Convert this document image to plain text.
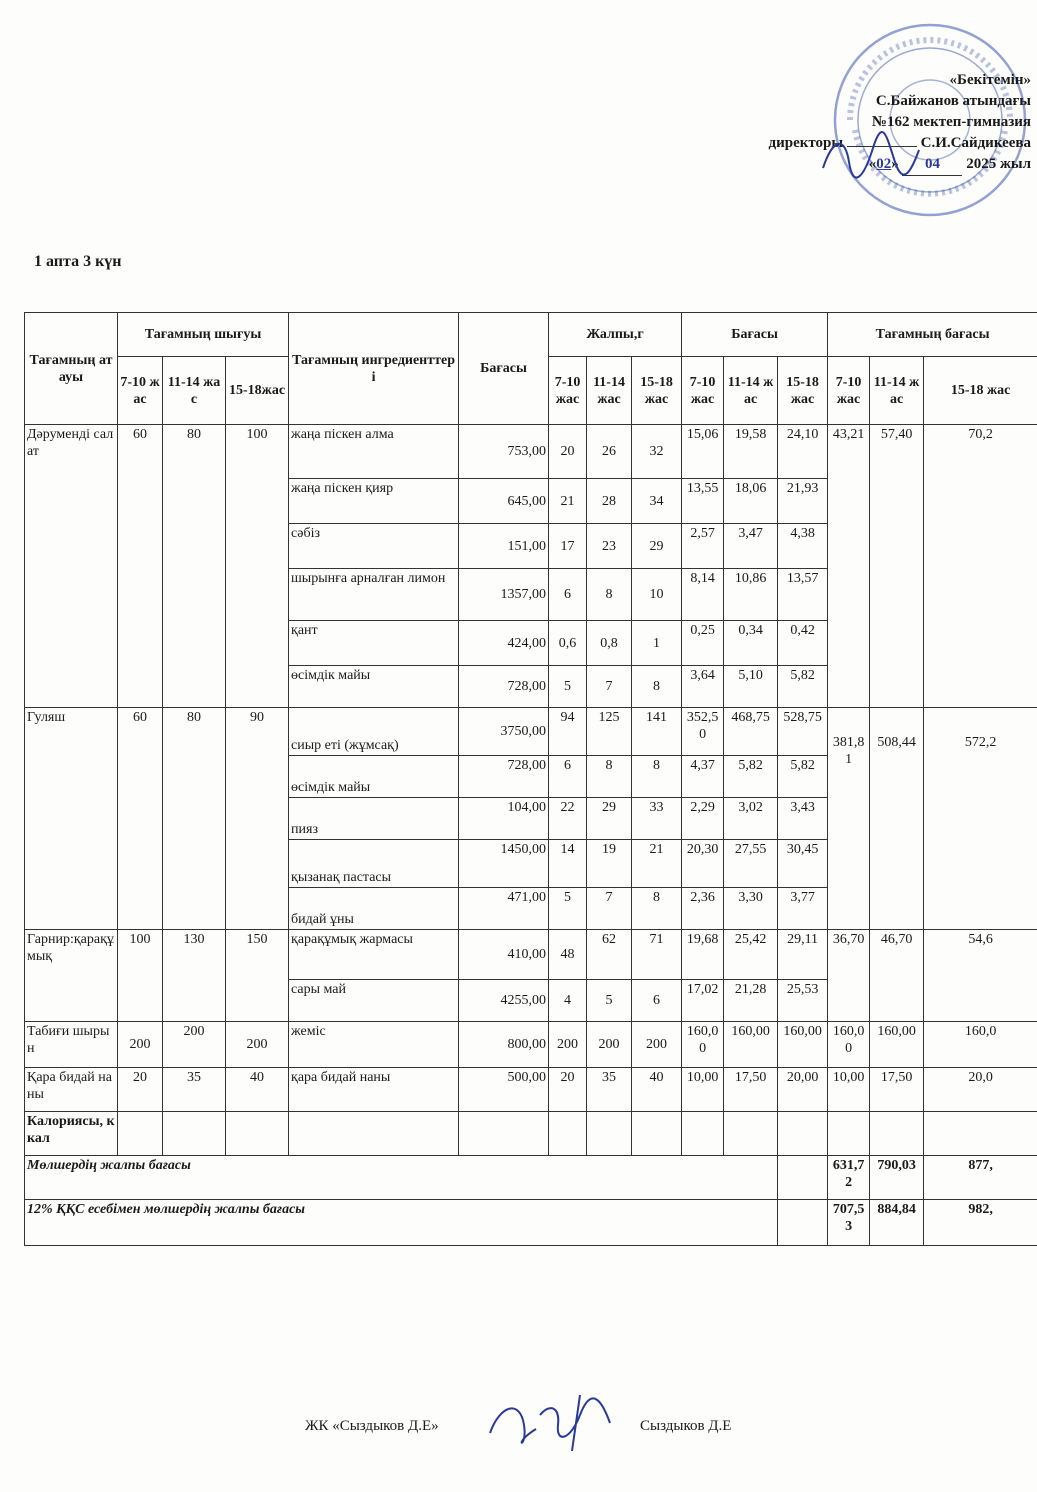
«Бекітемін»
С.Байжанов атындағы
№162 мектеп-гимназия
директоры	С.И.Сайдикеева
«02» 04 2025 жыл
1 апта 3 күн
Тағамның атауы	Тағамның шығуы			Тағамның ингредиенттері	Бағасы	Жалпы,г			Бағасы			Тағамның бағасы		
	7-10 жас	11-14 жас	15-18жас			7-10 жас	11-14 жас	15-18 жас	7-10 жас	11-14 жас	15-18 жас	7-10 жас	11-14 жас	15-18 жас
Дәруменді салат	60	80	100	жаңа піскен алма	753,00	20	26	32	15,06	19,58	24,10	43,21	57,40	70,2
				жаңа піскен қияр	645,00	21	28	34	13,55	18,06	21,93			
				сәбіз	151,00	17	23	29	2,57	3,47	4,38			
				шырынға арналған лимон	1357,00	6	8	10	8,14	10,86	13,57			
				қант	424,00	0,6	0,8	1	0,25	0,34	0,42			
				өсімдік майы	728,00	5	7	8	3,64	5,10	5,82			
Гуляш	60	80	90	сиыр еті (жұмсақ)	3750,00	94	125	141	352,50	468,75	528,75	381,81	508,44	572,2
				өсімдік майы	728,00	6	8	8	4,37	5,82	5,82			
				пияз	104,00	22	29	33	2,29	3,02	3,43			
				қызанақ пастасы	1450,00	14	19	21	20,30	27,55	30,45			
				бидай ұны	471,00	5	7	8	2,36	3,30	3,77			
Гарнир:қарақұмық	100	130	150	қарақұмық жармасы	410,00	48	62	71	19,68	25,42	29,11	36,70	46,70	54,6
				сары май	4255,00	4	5	6	17,02	21,28	25,53			
Табиғи шырын	200	200	200	жеміс	800,00	200	200	200	160,00	160,00	160,00	160,00	160,00	160,0
Қара бидай наны	20	35	40	қара бидай наны	500,00	20	35	40	10,00	17,50	20,00	10,00	17,50	20,0
Калориясы, ккал														
Мөлшердің жалпы бағасы												631,72	790,03	877,
12% ҚҚС есебімен мөлшердің жалпы бағасы												707,53	884,84	982,
ЖК «Сыздыков Д.Е»	Сыздыков Д.Е
